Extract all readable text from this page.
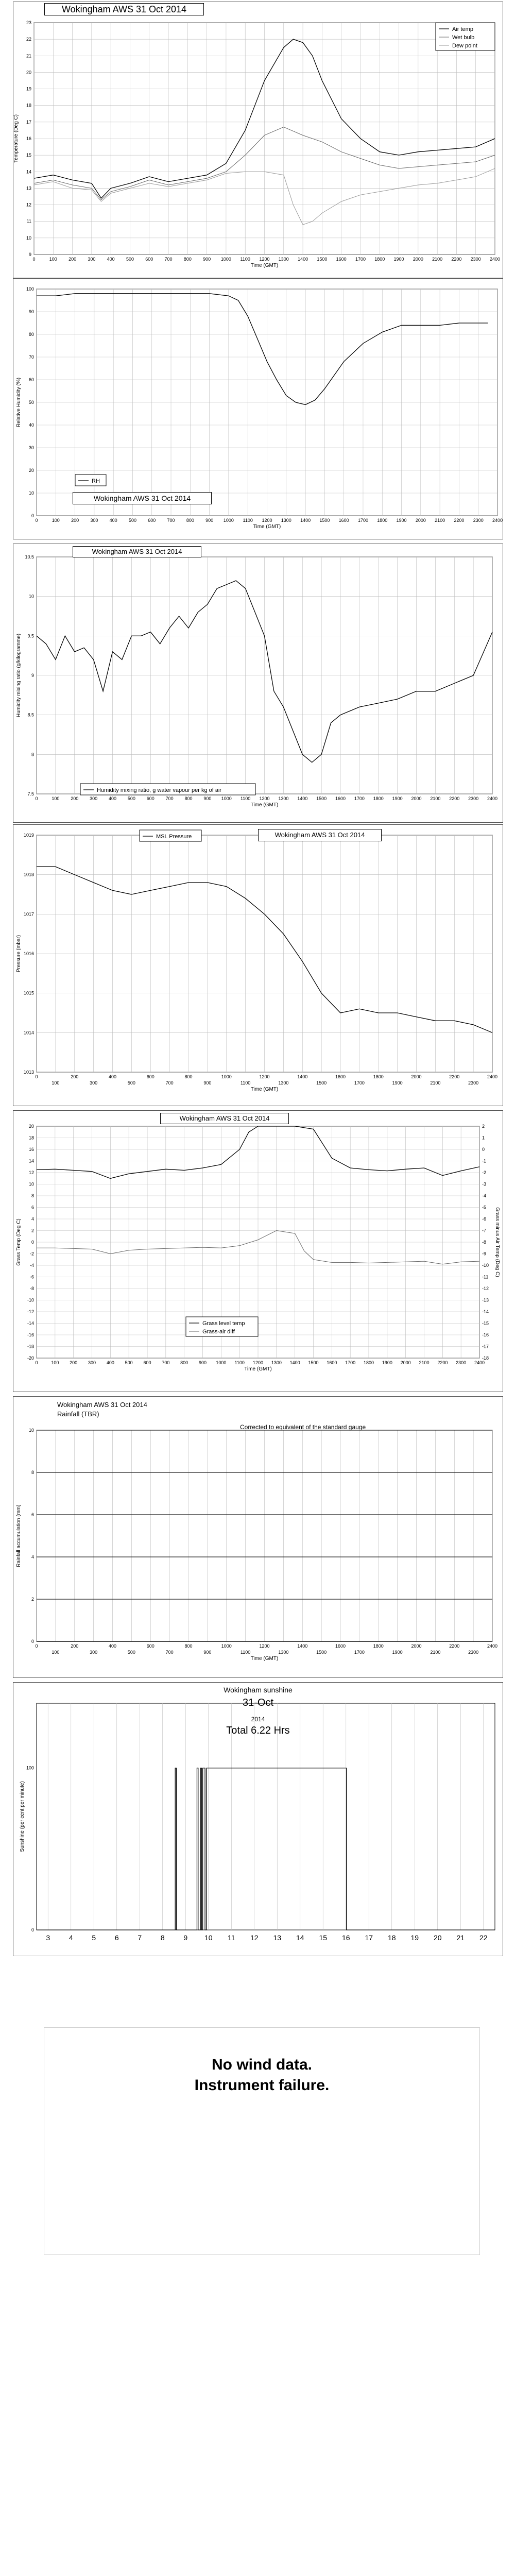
9
10
11
12
13
14
15
16
17
18
19
20
21
22
23
0	100 200 300 400 500 600 700 800 900 1000 1100 1200 1300 1400 1500 1600 1700 1800 1900 2000 2100 2200 2300 2400
Time (GMT)
Temperature (Deg C)
Air temp
Wet bulb
Dew point
Wokingham AWS 31 Oct 2014
0
10
20
30
40
50
60
70
80
90
100
0	100 200 300 400 500 600 700 800 900 1000 1100 1200 1300 1400 1500 1600 1700 1800 1900 2000 2100 2200 2300 2400
Time (GMT)
Relative Humidity (%)
RH
Wokingham AWS 31 Oct 2014
7.5
8
8.5
9
9.5
10
10.5
0	100 200 300 400 500 600 700 800 900 1000 1100 1200 1300 1400 1500 1600 1700 1800 1900 2000 2100 2200 2300 2400
Time (GMT)
Humidity mixing ratio (g/kilogramme)
Humidity mixing ratio, g water vapour per kg of air
Wokingham AWS 31 Oct 2014
1013
1014
1015
1016
1017
1018
1019
0	200	400	600	800	1000	1200	1400	1600	1800	2000	2200	2400
100	300	500	700	900	1100	1300	1500	1700	1900	2100	2300
Time (GMT)
Pressure (mbar)
MSL Pressure	Wokingham AWS 31 Oct 2014
20
18
16
14
12
10
8
6
4
2
0
-2
-4
-6
-8
-10
-12
-14
-16
-18
-20
2
1
0
-1
-2
-3
-4
-5
-6
-7
-8
-9
-10
-11
-12
-13
-14
-15
-16
-17
-18
0	100 200 300 400 500 600 700 800 900 1000 1100 1200 1300 1400 1500 1600 1700 1800 1900 2000 2100 2200 2300 2400
Time (GMT)
Grass Temp (Deg C)	Grass minus Air Temp (Deg C)
Grass level temp
Grass-air diff
Wokingham AWS 31 Oct 2014
0
2
4
6
8
10
0	200	400	600	800	1000	1200	1400	1600	1800	2000	2200	2400
100	300	500	700	900	1100	1300	1500	1700	1900	2100	2300
Time (GMT)
Rainfall accumulation (mm)
Wokingham AWS 31 Oct 2014
Rainfall (TBR)
Corrected to equivalent of the standard gauge
3	4	5	6	7	8	9 10 11 12 13 14 15 16 17 18 19 20 21 22
0
100
Sunshine (per cent per minute)
Wokingham sunshine
31-Oct
2014
Total 6.22 Hrs
No wind data.
Instrument failure.
